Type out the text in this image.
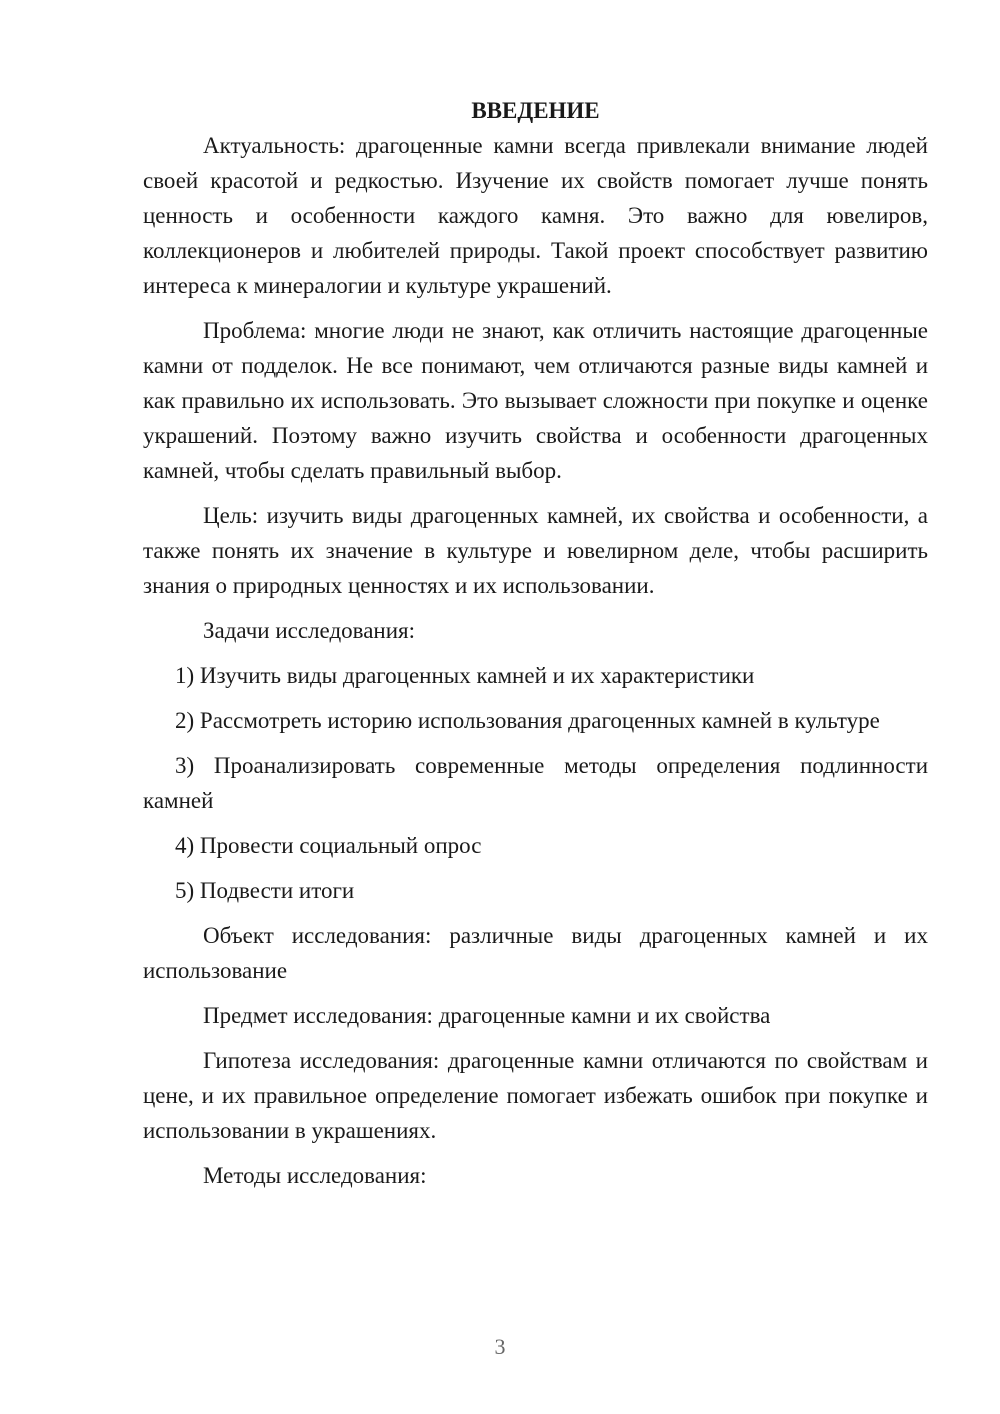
ВВЕДЕНИЕ

Актуальность: драгоценные камни всегда привлекали внимание людей своей красотой и редкостью. Изучение их свойств помогает лучше понять ценность и особенности каждого камня. Это важно для ювелиров, коллекционеров и любителей природы. Такой проект способствует развитию интереса к минералогии и культуре украшений.

Проблема: многие люди не знают, как отличить настоящие драгоценные камни от подделок. Не все понимают, чем отличаются разные виды камней и как правильно их использовать. Это вызывает сложности при покупке и оценке украшений. Поэтому важно изучить свойства и особенности драгоценных камней, чтобы сделать правильный выбор.

Цель: изучить виды драгоценных камней, их свойства и особенности, а также понять их значение в культуре и ювелирном деле, чтобы расширить знания о природных ценностях и их использовании.

Задачи исследования:

1) Изучить виды драгоценных камней и их характеристики

2) Рассмотреть историю использования драгоценных камней в культуре

3) Проанализировать современные методы определения подлинности камней

4) Провести социальный опрос

5) Подвести итоги

Объект исследования: различные виды драгоценных камней и их использование

Предмет исследования: драгоценные камни и их свойства

Гипотеза исследования: драгоценные камни отличаются по свойствам и цене, и их правильное определение помогает избежать ошибок при покупке и использовании в украшениях.

Методы исследования:

3
